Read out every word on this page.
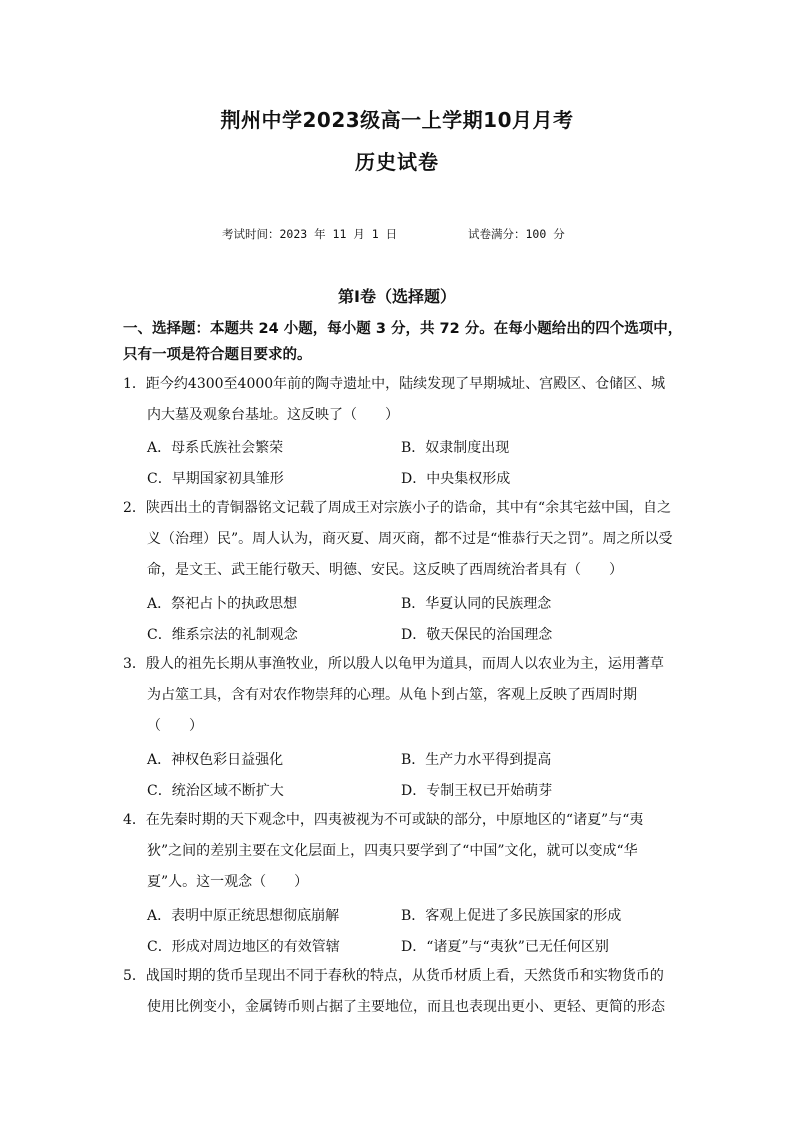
荆州中学2023级高一上学期10月月考
历史试卷
考试时间：2023 年 11 月 1 日	试卷满分：100 分
第Ⅰ卷（选择题）
一、选择题：本题共 24 小题，每小题 3 分，共 72 分。在每小题给出的四个选项中，只有一项是符合题目要求的。

1．距今约4300至4000年前的陶寺遗址中，陆续发现了早期城址、宫殿区、仓储区、城内大墓及观象台基址。这反映了（　　）

A．母系氏族社会繁荣	B．奴隶制度出现
C．早期国家初具雏形	D．中央集权形成

2．陕西出土的青铜器铭文记载了周成王对宗族小子的诰命，其中有“余其宅兹中国，自之义（治理）民”。周人认为，商灭夏、周灭商，都不过是“惟恭行天之罚”。周之所以受命，是文王、武王能行敬天、明德、安民。这反映了西周统治者具有（　　）

A．祭祀占卜的执政思想	B．华夏认同的民族理念
C．维系宗法的礼制观念	D．敬天保民的治国理念

3．殷人的祖先长期从事渔牧业，所以殷人以龟甲为道具，而周人以农业为主，运用蓍草为占筮工具，含有对农作物崇拜的心理。从龟卜到占筮，客观上反映了西周时期（　　）

A．神权色彩日益强化	B．生产力水平得到提高
C．统治区域不断扩大	D．专制王权已开始萌芽

4．在先秦时期的天下观念中，四夷被视为不可或缺的部分，中原地区的“诸夏”与“夷狄”之间的差别主要在文化层面上，四夷只要学到了“中国”文化，就可以变成“华夏”人。这一观念（　　）

A．表明中原正统思想彻底崩解	B．客观上促进了多民族国家的形成
C．形成对周边地区的有效管辖	D．“诸夏”与“夷狄”已无任何区别

5．战国时期的货币呈现出不同于春秋的特点，从货币材质上看，天然货币和实物货币的使用比例变小，金属铸币则占据了主要地位，而且也表现出更小、更轻、更简的形态
